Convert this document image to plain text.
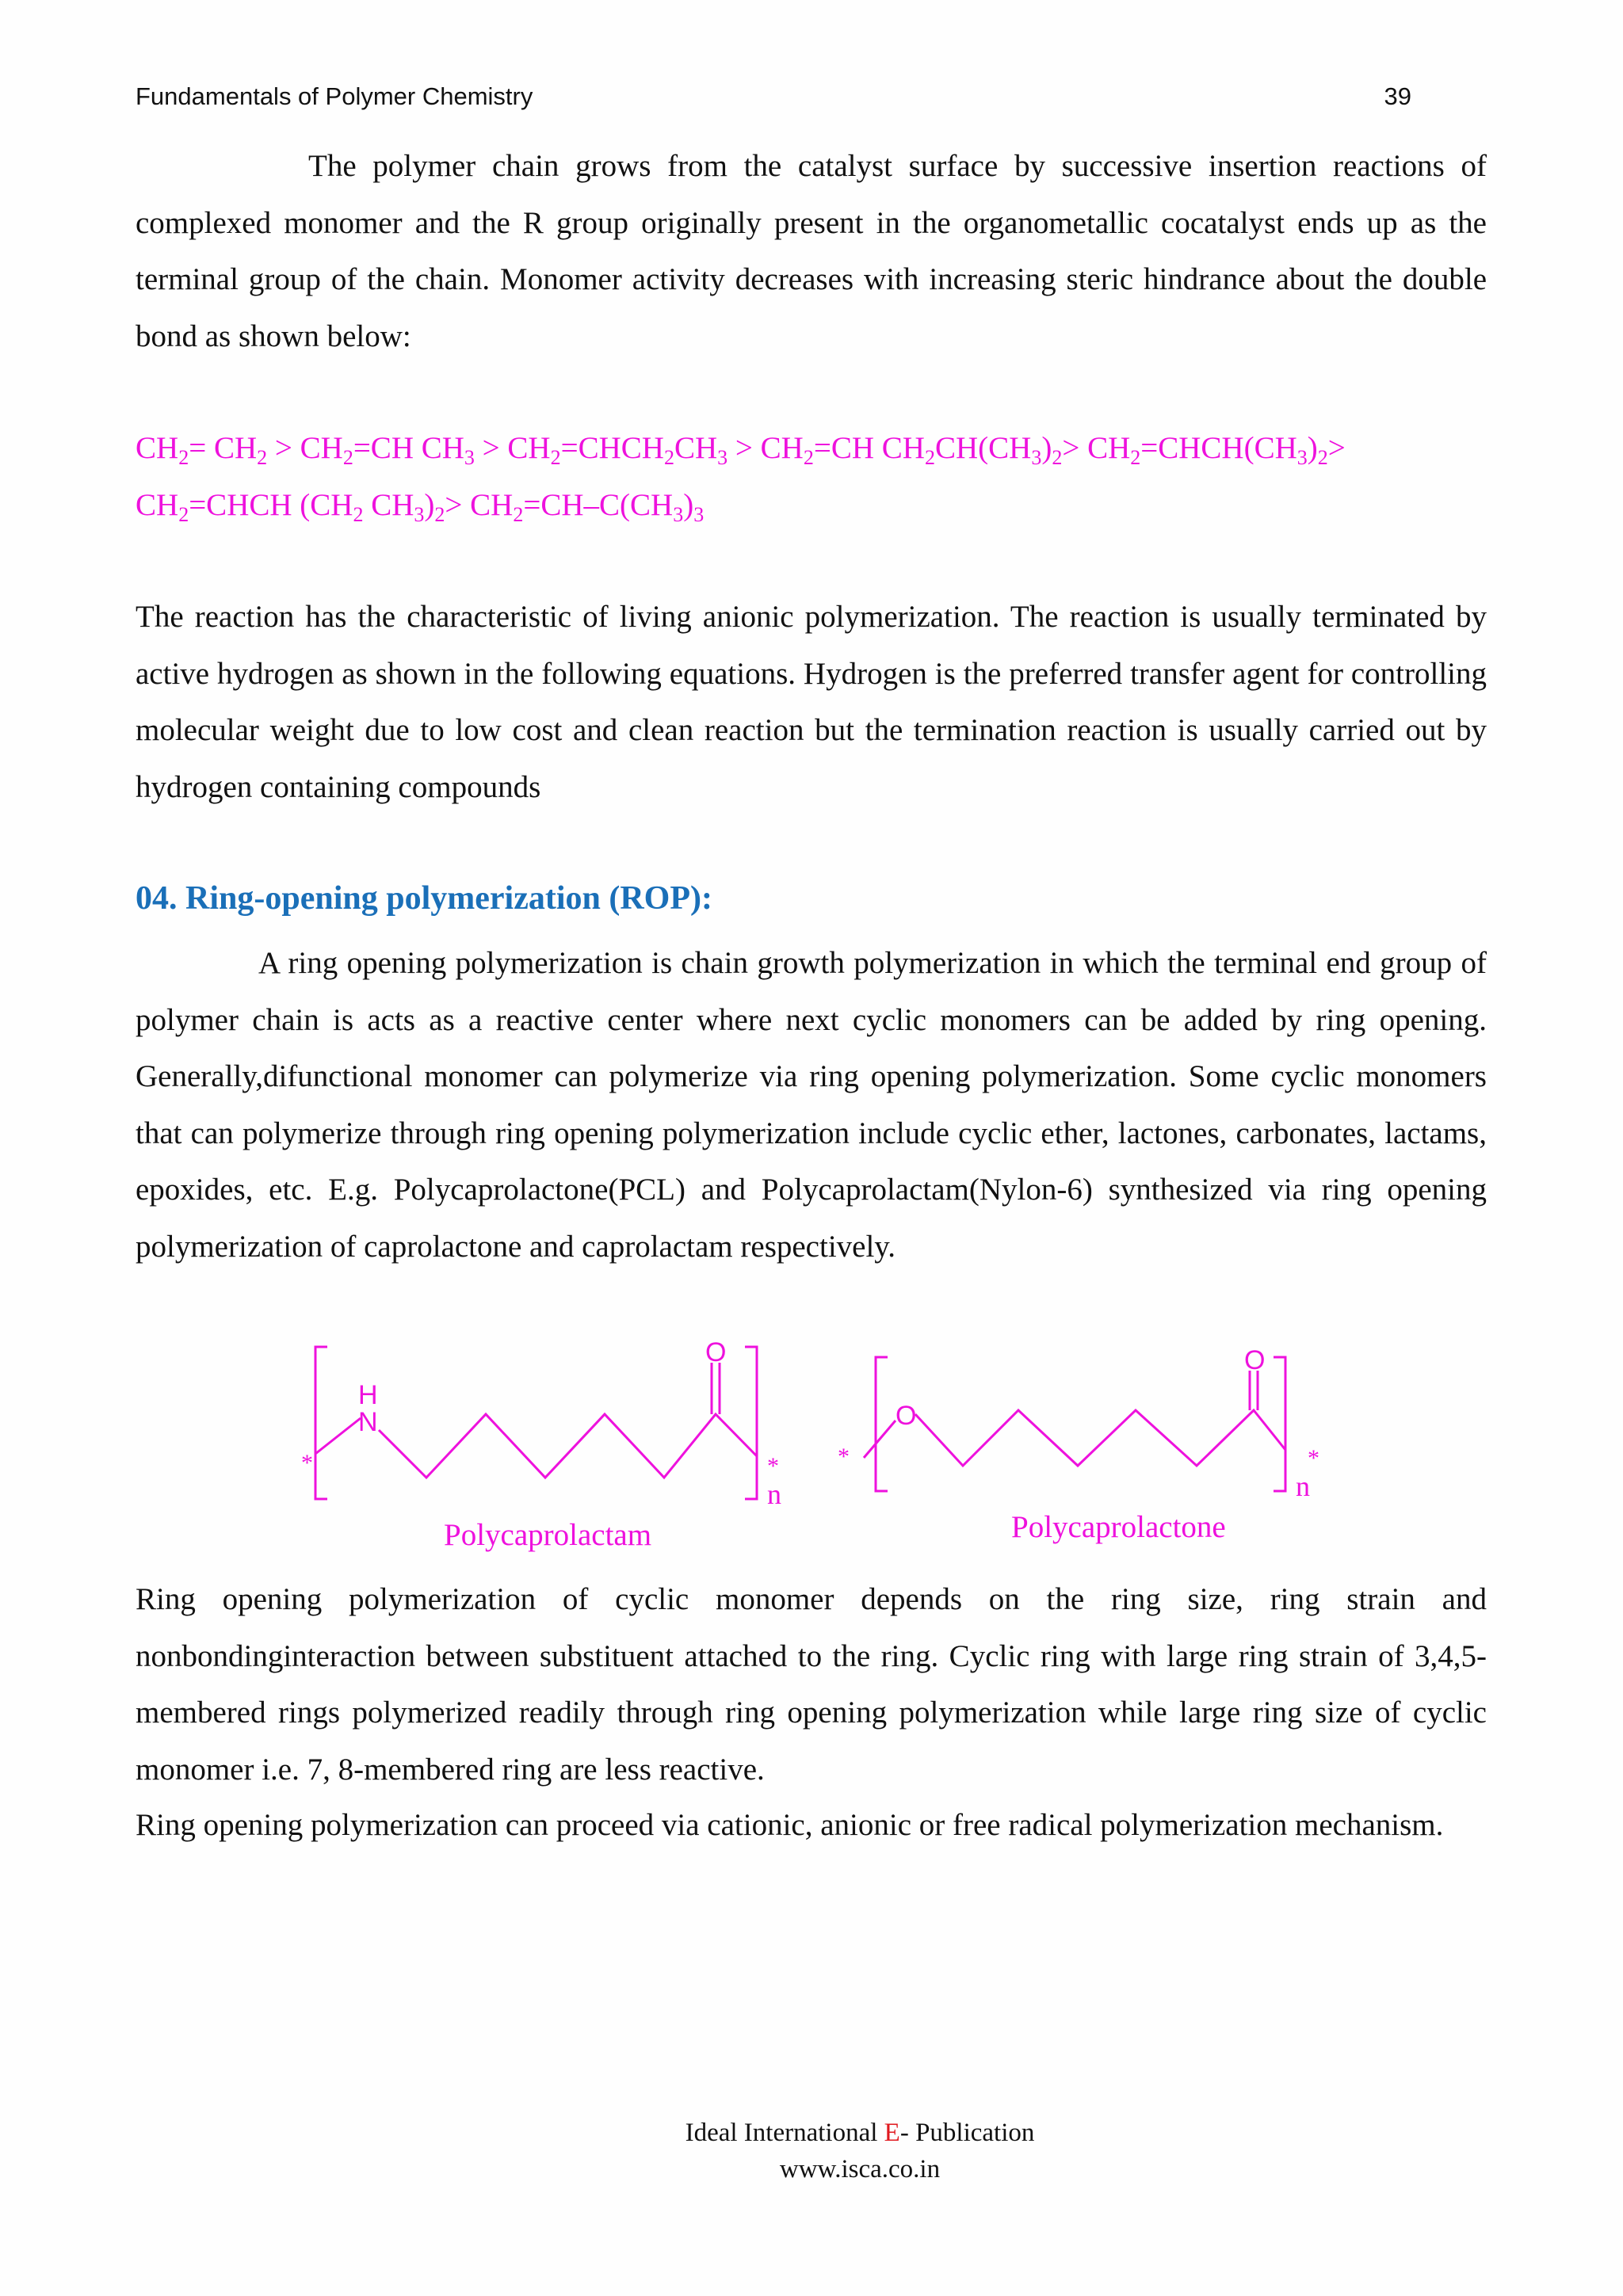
Fundamentals of Polymer Chemistry	39
The polymer chain grows from the catalyst surface by successive insertion reactions of complexed monomer and the R group originally present in the organometallic cocatalyst ends up as the terminal group of the chain. Monomer activity decreases with increasing steric hindrance about the double bond as shown below:
$CH_2= CH_2 > CH_2=CH$ $CH_3$ > $CH_2=CHCH_2CH_3 > CH_2=CH$ $CH_2CH(CH_3)_2>$ $CH_2=CHCH(CH_3)_2>$
$CH_2=CHCH$ ($CH_2$ $CH_3)_2> CH_2=CH-C(CH_3)_3$
The reaction has the characteristic of living anionic polymerization. The reaction is usually terminated by active hydrogen as shown in the following equations. Hydrogen is the preferred transfer agent for controlling molecular weight due to low cost and clean reaction but the termination reaction is usually carried out by hydrogen containing compounds
04. Ring-opening polymerization (ROP):
A ring opening polymerization is chain growth polymerization in which the terminal end group of polymer chain is acts as a reactive center where next cyclic monomers can be added by ring opening. Generally,difunctional monomer can polymerize via ring opening polymerization. Some cyclic monomers that can polymerize through ring opening polymerization include cyclic ether, lactones, carbonates, lactams, epoxides, etc. E.g. Polycaprolactone(PCL) and Polycaprolactam(Nylon-6) synthesized via ring opening polymerization of caprolactone and caprolactam respectively.
H
N
O
*	*
n
Polycaprolactam
O
O
*	*
n
Polycaprolactone
Ring opening polymerization of cyclic monomer depends on the ring size, ring strain and nonbondinginteraction between substituent attached to the ring. Cyclic ring with large ring strain of 3,4,5-membered rings polymerized readily through ring opening polymerization while large ring size of cyclic monomer i.e. 7, 8-membered ring are less reactive.
Ring opening polymerization can proceed via cationic, anionic or free radical polymerization mechanism.
Ideal International E- Publication
www.isca.co.in
